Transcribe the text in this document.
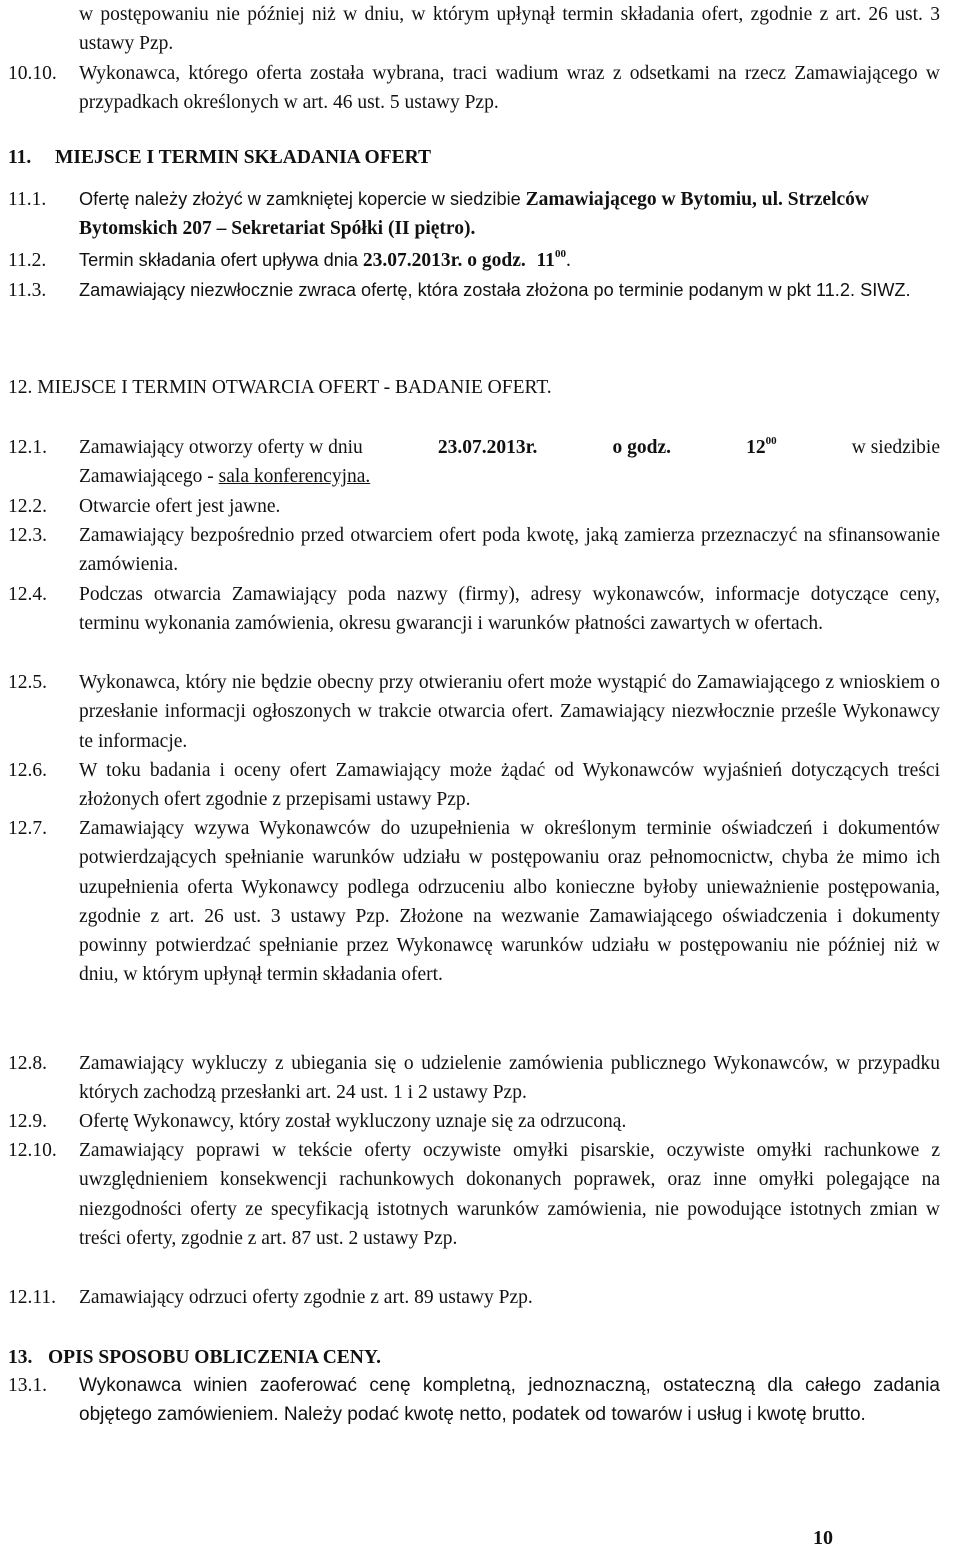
w postępowaniu nie później niż w dniu, w którym upłynął termin składania ofert, zgodnie z art. 26 ust. 3 ustawy Pzp.
10.10. Wykonawca, którego oferta została wybrana, traci wadium wraz z odsetkami na rzecz Zamawiającego w przypadkach określonych w art. 46 ust. 5 ustawy Pzp.
11. MIEJSCE I TERMIN SKŁADANIA OFERT
11.1. Ofertę należy złożyć w zamkniętej kopercie w siedzibie Zamawiającego w Bytomiu, ul. Strzelców Bytomskich 207 – Sekretariat Spółki (II piętro).
11.2. Termin składania ofert upływa dnia 23.07.2013r. o godz. $11^{00}$.
11.3. Zamawiający niezwłocznie zwraca ofertę, która została złożona po terminie podanym w pkt 11.2. SIWZ.
12. MIEJSCE I TERMIN OTWARCIA OFERT - BADANIE OFERT.
12.1. Zamawiający otworzy oferty w dniu	23.07.2013r.	o godz.	$12^{00}$	w siedzibie
Zamawiającego - sala konferencyjna.
12.2. Otwarcie ofert jest jawne.
12.3. Zamawiający bezpośrednio przed otwarciem ofert poda kwotę, jaką zamierza przeznaczyć na sfinansowanie zamówienia.
12.4. Podczas otwarcia Zamawiający poda nazwy (firmy), adresy wykonawców, informacje dotyczące ceny, terminu wykonania zamówienia, okresu gwarancji i warunków płatności zawartych w ofertach.
12.5. Wykonawca, który nie będzie obecny przy otwieraniu ofert może wystąpić do Zamawiającego z wnioskiem o przesłanie informacji ogłoszonych w trakcie otwarcia ofert. Zamawiający niezwłocznie prześle Wykonawcy te informacje.
12.6. W toku badania i oceny ofert Zamawiający może żądać od Wykonawców wyjaśnień dotyczących treści złożonych ofert zgodnie z przepisami ustawy Pzp.
12.7. Zamawiający wzywa Wykonawców do uzupełnienia w określonym terminie oświadczeń i dokumentów potwierdzających spełnianie warunków udziału w postępowaniu oraz pełnomocnictw, chyba że mimo ich uzupełnienia oferta Wykonawcy podlega odrzuceniu albo konieczne byłoby unieważnienie postępowania, zgodnie z art. 26 ust. 3 ustawy Pzp. Złożone na wezwanie Zamawiającego oświadczenia i dokumenty powinny potwierdzać spełnianie przez Wykonawcę warunków udziału w postępowaniu nie później niż w dniu, w którym upłynął termin składania ofert.
12.8. Zamawiający wykluczy z ubiegania się o udzielenie zamówienia publicznego Wykonawców, w przypadku których zachodzą przesłanki art. 24 ust. 1 i 2 ustawy Pzp.
12.9. Ofertę Wykonawcy, który został wykluczony uznaje się za odrzuconą.
12.10. Zamawiający poprawi w tekście oferty oczywiste omyłki pisarskie, oczywiste omyłki rachunkowe z uwzględnieniem konsekwencji rachunkowych dokonanych poprawek, oraz inne omyłki polegające na niezgodności oferty ze specyfikacją istotnych warunków zamówienia, nie powodujące istotnych zmian w treści oferty, zgodnie z art. 87 ust. 2 ustawy Pzp.
12.11. Zamawiający odrzuci oferty zgodnie z art. 89 ustawy Pzp.
13. OPIS SPOSOBU OBLICZENIA CENY.
13.1. Wykonawca winien zaoferować cenę kompletną, jednoznaczną, ostateczną dla całego zadania objętego zamówieniem. Należy podać kwotę netto, podatek od towarów i usług i kwotę brutto.
10
